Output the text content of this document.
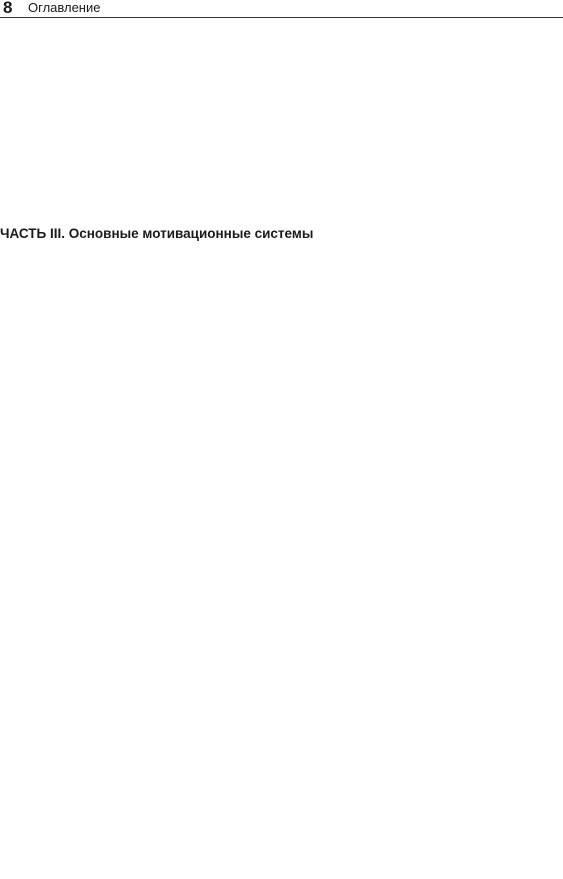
8 Оглавление
ЧАСТЬ III. Основные мотивационные системы
